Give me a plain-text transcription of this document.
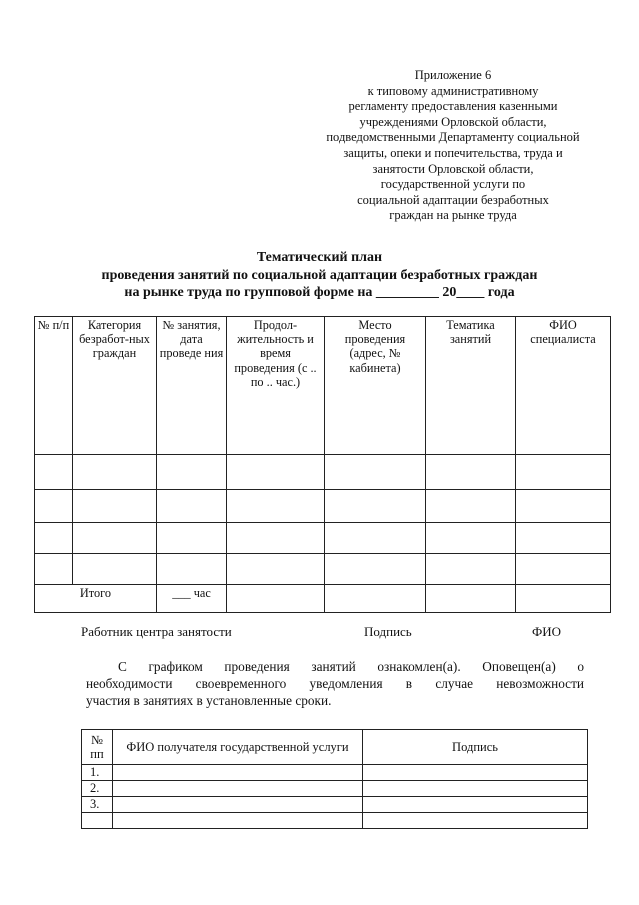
Приложение 6
к типовому административному
регламенту предоставления казенными
учреждениями Орловской области,
подведомственными Департаменту социальной
защиты, опеки и попечительства, труда и
занятости Орловской области,
государственной услуги по
социальной адаптации безработных
граждан на рынке труда
Тематический план
проведения занятий по социальной адаптации безработных граждан
на рынке труда по групповой форме на _________ 20____ года
№ п/п	Категория безработ-ных граждан	№ занятия, дата проведе ния	Продол-жительность и время проведения (с .. по .. час.)	Место проведения (адрес, № кабинета)	Тематика занятий	ФИО специалиста

Итого		___ час				
Работник центра занятости	Подпись	ФИО
С графиком проведения занятий ознакомлен(а). Оповещен(а) о
необходимости своевременного уведомления в случае невозможности
участия в занятиях в установленные сроки.
№ пп	ФИО получателя государственной услуги	Подпись
1.		
2.		
3.		
